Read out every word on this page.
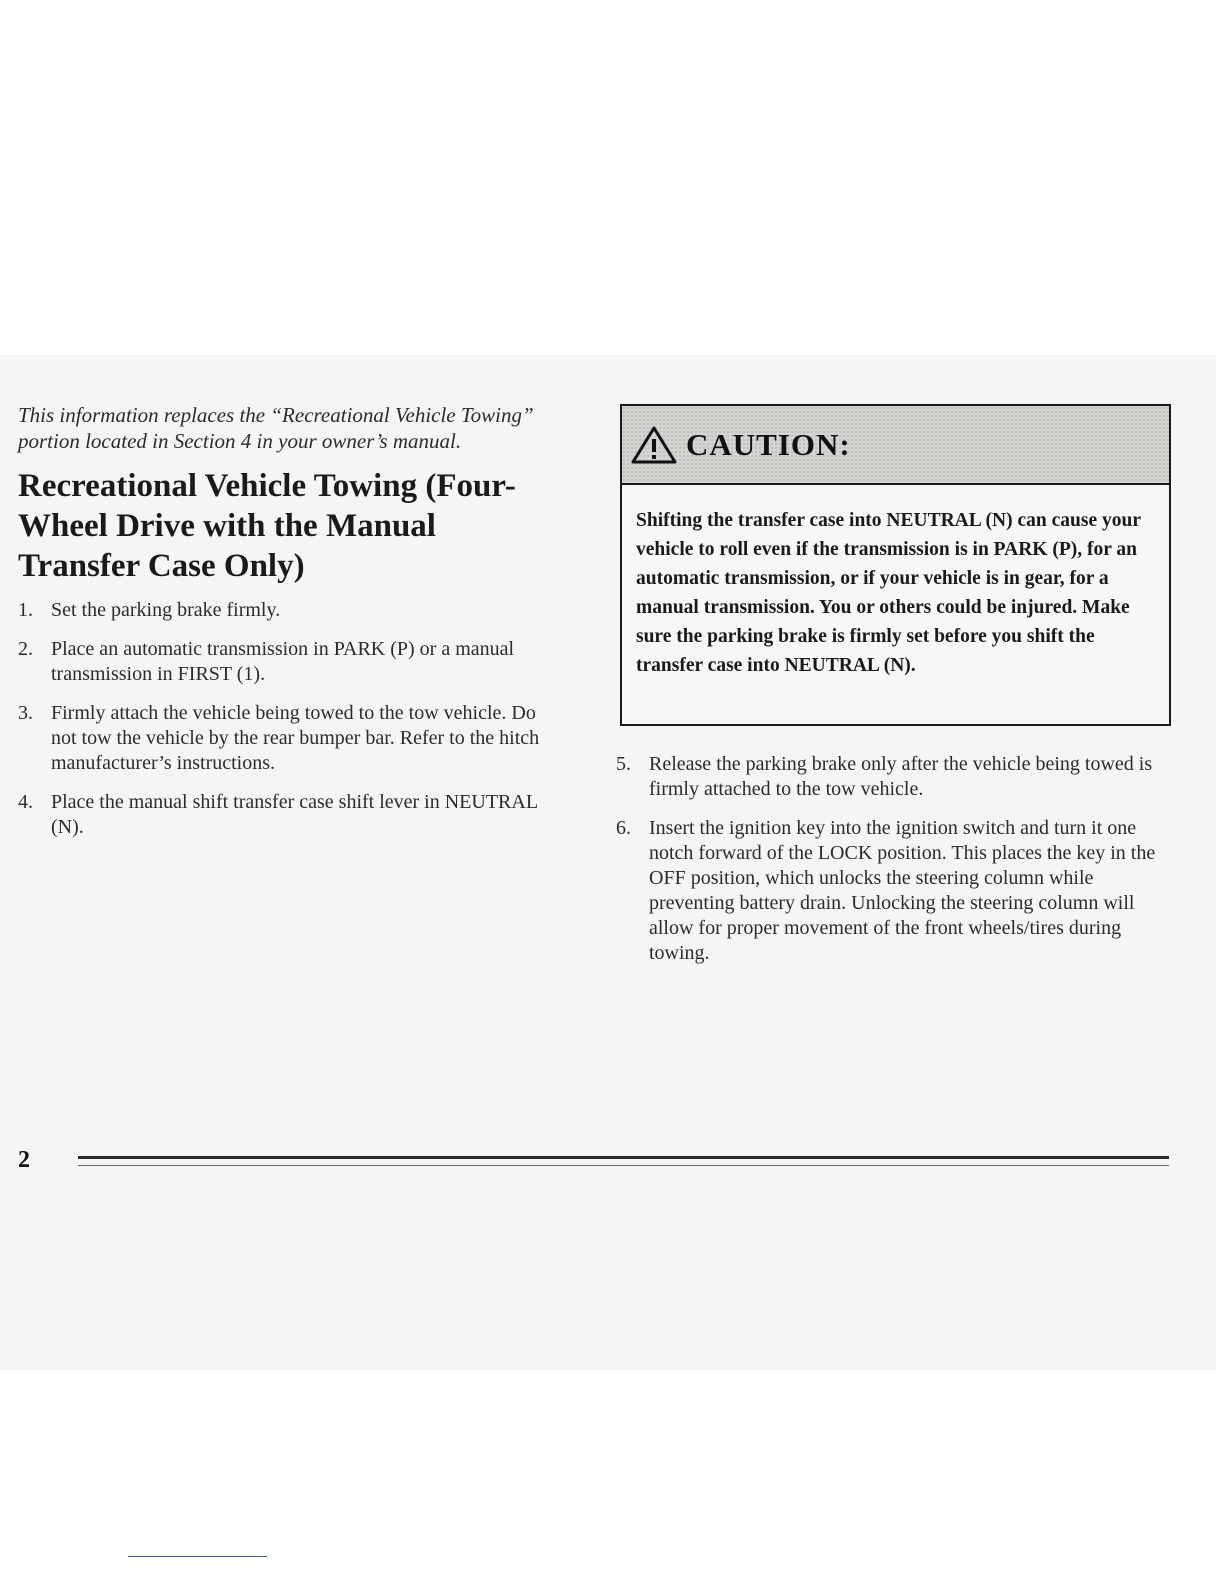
This information replaces the “Recreational Vehicle Towing” portion located in Section 4 in your owner’s manual.

Recreational Vehicle Towing (Four-Wheel Drive with the Manual Transfer Case Only)
1. Set the parking brake firmly.
2. Place an automatic transmission in PARK (P) or a manual transmission in FIRST (1).
3. Firmly attach the vehicle being towed to the tow vehicle. Do not tow the vehicle by the rear bumper bar. Refer to the hitch manufacturer’s instructions.
4. Place the manual shift transfer case shift lever in NEUTRAL (N).
CAUTION:

Shifting the transfer case into NEUTRAL (N) can cause your vehicle to roll even if the transmission is in PARK (P), for an automatic transmission, or if your vehicle is in gear, for a manual transmission. You or others could be injured. Make sure the parking brake is firmly set before you shift the transfer case into NEUTRAL (N).

5. Release the parking brake only after the vehicle being towed is firmly attached to the tow vehicle.
6. Insert the ignition key into the ignition switch and turn it one notch forward of the LOCK position. This places the key in the OFF position, which unlocks the steering column while preventing battery drain. Unlocking the steering column will allow for proper movement of the front wheels/tires during towing.
2
